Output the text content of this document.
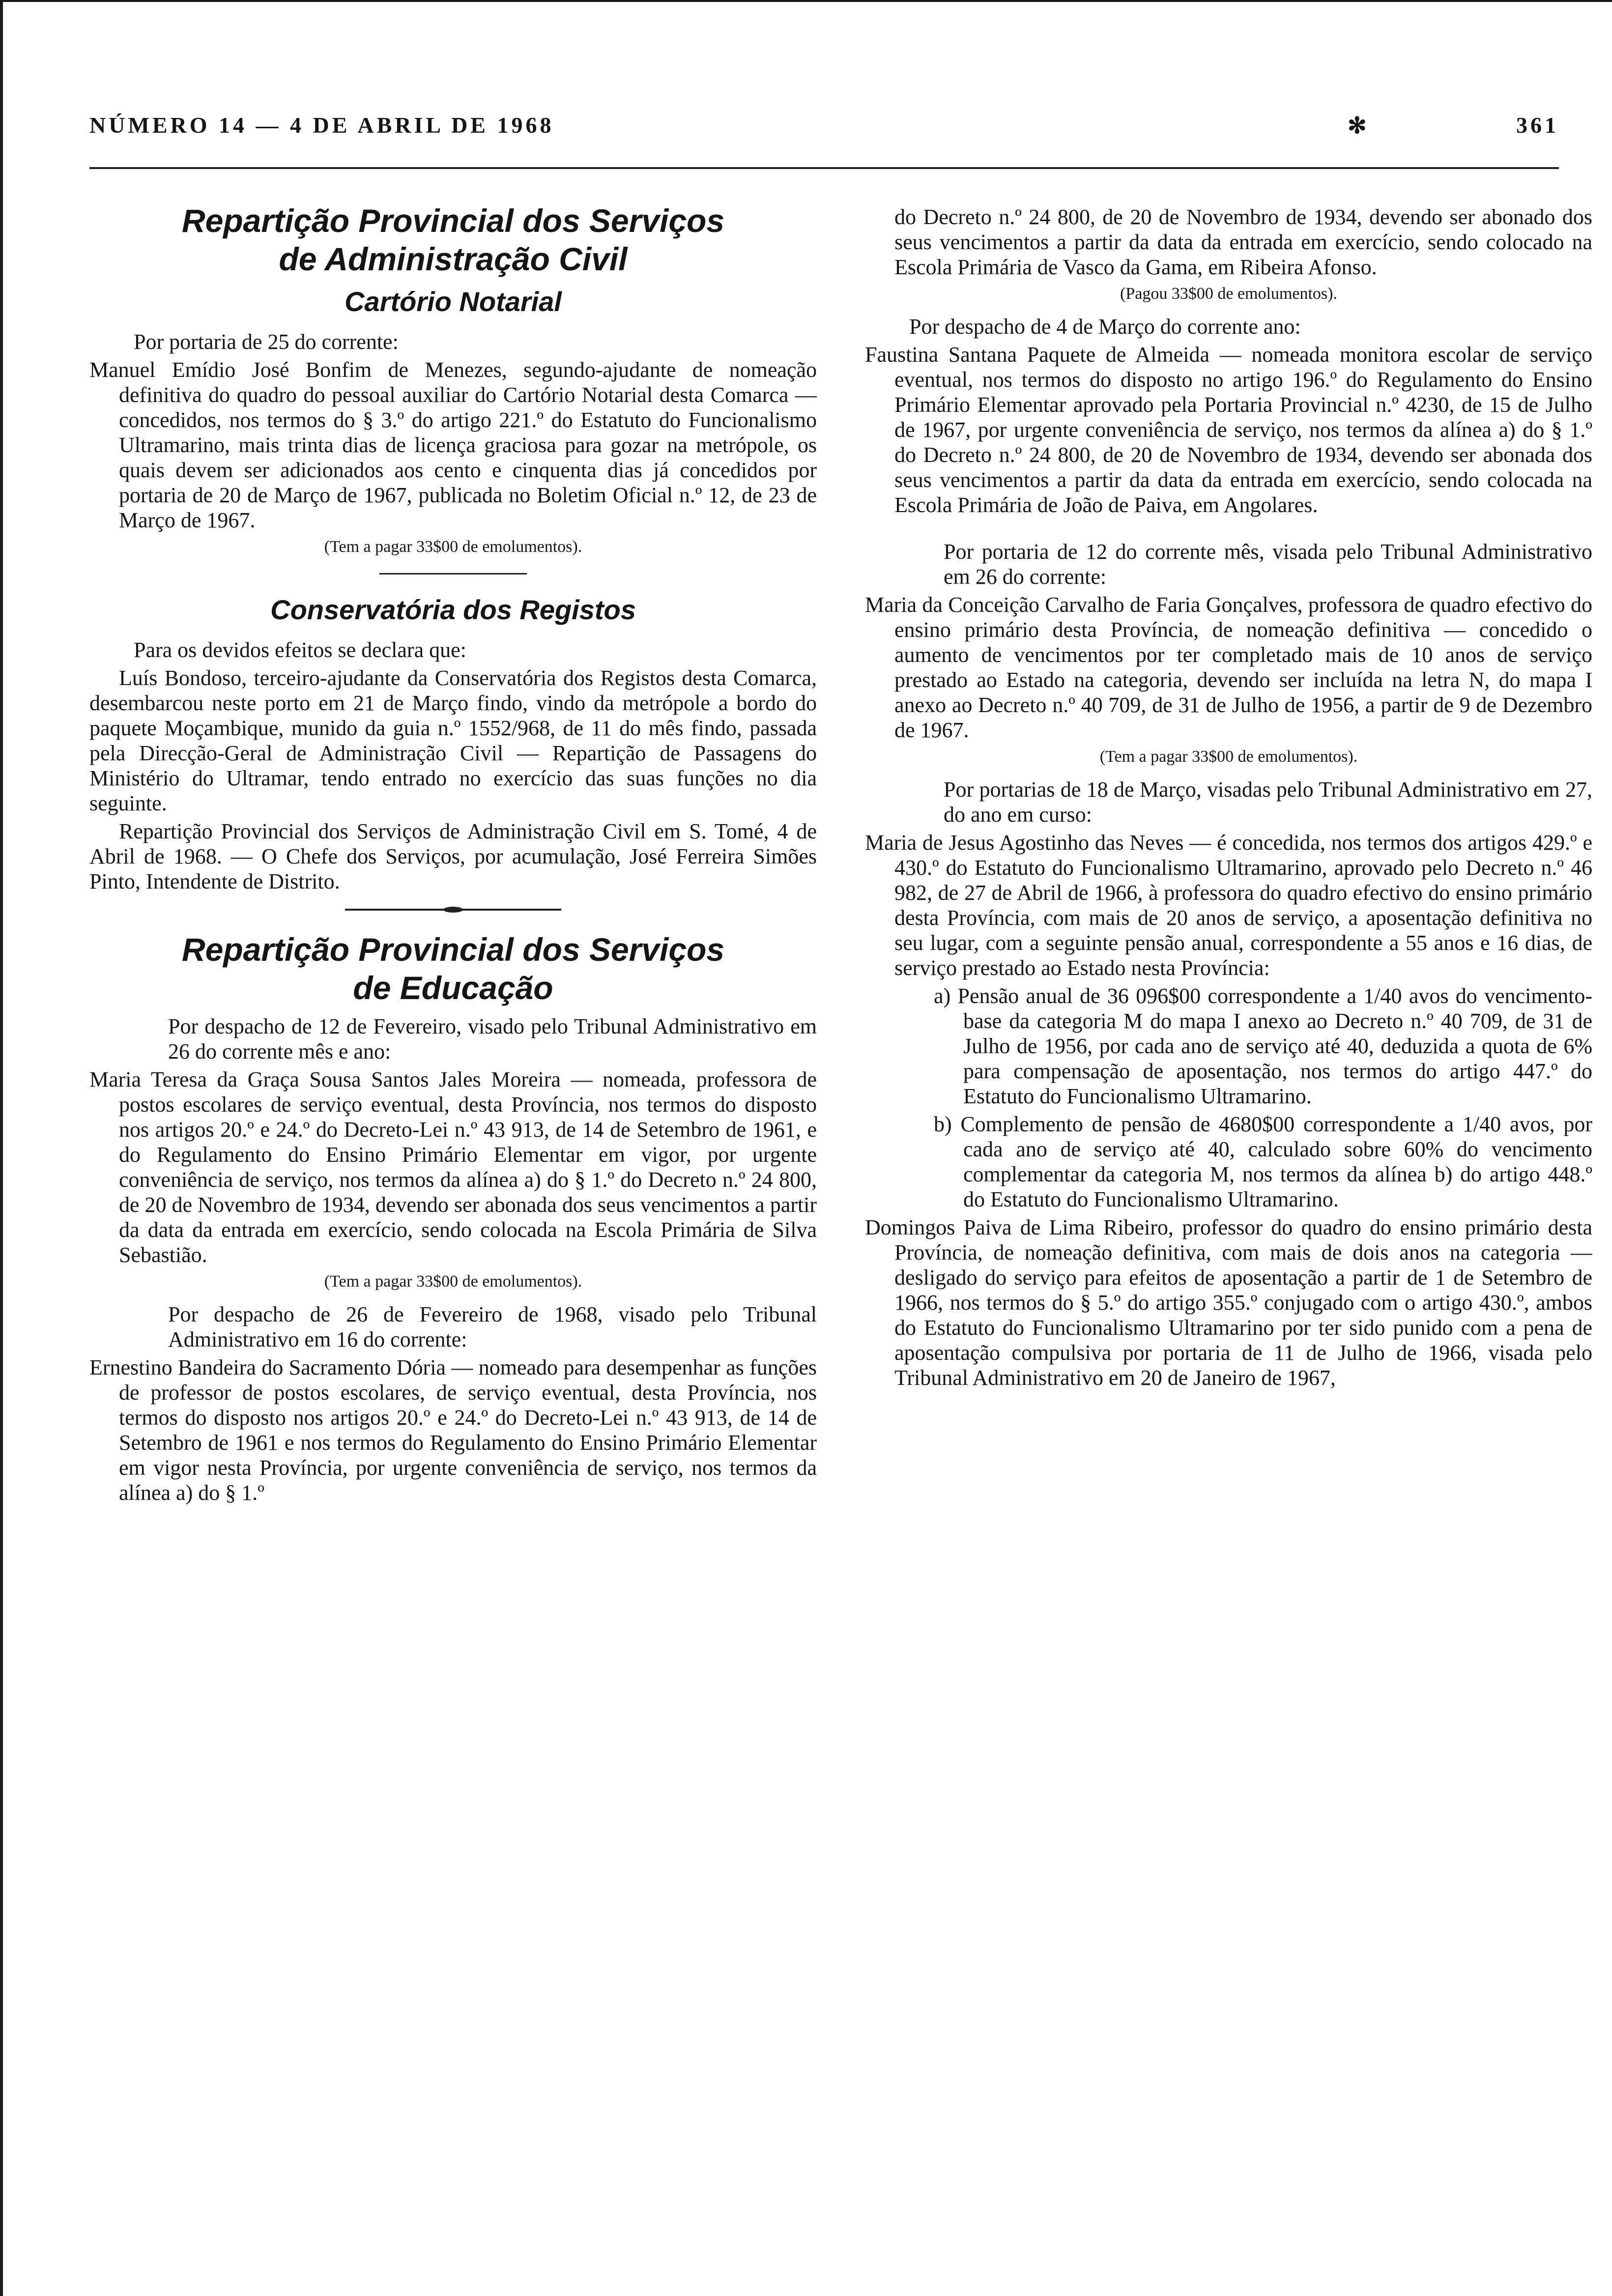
NÚMERO 14 — 4 DE ABRIL DE 1968	✻	361
Repartição Provincial dos Serviços
de Administração Civil
Cartório Notarial

Por portaria de 25 do corrente:

Manuel Emídio José Bonfim de Menezes, segundo-ajudante de nomeação definitiva do quadro do pessoal auxiliar do Cartório Notarial desta Comarca — concedidos, nos termos do § 3.º do artigo 221.º do Estatuto do Funcionalismo Ultramarino, mais trinta dias de licença graciosa para gozar na metrópole, os quais devem ser adicionados aos cento e cinquenta dias já concedidos por portaria de 20 de Março de 1967, publicada no Boletim Oficial n.º 12, de 23 de Março de 1967.

(Tem a pagar 33$00 de emolumentos).

Conservatória dos Registos

Para os devidos efeitos se declara que:

Luís Bondoso, terceiro-ajudante da Conservatória dos Registos desta Comarca, desembarcou neste porto em 21 de Março findo, vindo da metrópole a bordo do paquete Moçambique, munido da guia n.º 1552/968, de 11 do mês findo, passada pela Direcção-Geral de Administração Civil — Repartição de Passagens do Ministério do Ultramar, tendo entrado no exercício das suas funções no dia seguinte.

Repartição Provincial dos Serviços de Administração Civil em S. Tomé, 4 de Abril de 1968. — O Chefe dos Serviços, por acumulação, José Ferreira Simões Pinto, Intendente de Distrito.

Repartição Provincial dos Serviços
de Educação

Por despacho de 12 de Fevereiro, visado pelo Tribunal Administrativo em 26 do corrente mês e ano:

Maria Teresa da Graça Sousa Santos Jales Moreira — nomeada, professora de postos escolares de serviço eventual, desta Província, nos termos do disposto nos artigos 20.º e 24.º do Decreto-Lei n.º 43 913, de 14 de Setembro de 1961, e do Regulamento do Ensino Primário Elementar em vigor, por urgente conveniência de serviço, nos termos da alínea a) do § 1.º do Decreto n.º 24 800, de 20 de Novembro de 1934, devendo ser abonada dos seus vencimentos a partir da data da entrada em exercício, sendo colocada na Escola Primária de Silva Sebastião.

(Tem a pagar 33$00 de emolumentos).

Por despacho de 26 de Fevereiro de 1968, visado pelo Tribunal Administrativo em 16 do corrente:

Ernestino Bandeira do Sacramento Dória — nomeado para desempenhar as funções de professor de postos escolares, de serviço eventual, desta Província, nos termos do disposto nos artigos 20.º e 24.º do Decreto-Lei n.º 43 913, de 14 de Setembro de 1961 e nos termos do Regulamento do Ensino Primário Elementar em vigor nesta Província, por urgente conveniência de serviço, nos termos da alínea a) do § 1.º

do Decreto n.º 24 800, de 20 de Novembro de 1934, devendo ser abonado dos seus vencimentos a partir da data da entrada em exercício, sendo colocado na Escola Primária de Vasco da Gama, em Ribeira Afonso.

(Pagou 33$00 de emolumentos).

Por despacho de 4 de Março do corrente ano:

Faustina Santana Paquete de Almeida — nomeada monitora escolar de serviço eventual, nos termos do disposto no artigo 196.º do Regulamento do Ensino Primário Elementar aprovado pela Portaria Provincial n.º 4230, de 15 de Julho de 1967, por urgente conveniência de serviço, nos termos da alínea a) do § 1.º do Decreto n.º 24 800, de 20 de Novembro de 1934, devendo ser abonada dos seus vencimentos a partir da data da entrada em exercício, sendo colocada na Escola Primária de João de Paiva, em Angolares.

Por portaria de 12 do corrente mês, visada pelo Tribunal Administrativo em 26 do corrente:

Maria da Conceição Carvalho de Faria Gonçalves, professora de quadro efectivo do ensino primário desta Província, de nomeação definitiva — concedido o aumento de vencimentos por ter completado mais de 10 anos de serviço prestado ao Estado na categoria, devendo ser incluída na letra N, do mapa I anexo ao Decreto n.º 40 709, de 31 de Julho de 1956, a partir de 9 de Dezembro de 1967.

(Tem a pagar 33$00 de emolumentos).

Por portarias de 18 de Março, visadas pelo Tribunal Administrativo em 27, do ano em curso:

Maria de Jesus Agostinho das Neves — é concedida, nos termos dos artigos 429.º e 430.º do Estatuto do Funcionalismo Ultramarino, aprovado pelo Decreto n.º 46 982, de 27 de Abril de 1966, à professora do quadro efectivo do ensino primário desta Província, com mais de 20 anos de serviço, a aposentação definitiva no seu lugar, com a seguinte pensão anual, correspondente a 55 anos e 16 dias, de serviço prestado ao Estado nesta Província:

a) Pensão anual de 36 096$00 correspondente a 1/40 avos do vencimento-base da categoria M do mapa I anexo ao Decreto n.º 40 709, de 31 de Julho de 1956, por cada ano de serviço até 40, deduzida a quota de 6% para compensação de aposentação, nos termos do artigo 447.º do Estatuto do Funcionalismo Ultramarino.

b) Complemento de pensão de 4680$00 correspondente a 1/40 avos, por cada ano de serviço até 40, calculado sobre 60% do vencimento complementar da categoria M, nos termos da alínea b) do artigo 448.º do Estatuto do Funcionalismo Ultramarino.

Domingos Paiva de Lima Ribeiro, professor do quadro do ensino primário desta Província, de nomeação definitiva, com mais de dois anos na categoria — desligado do serviço para efeitos de aposentação a partir de 1 de Setembro de 1966, nos termos do § 5.º do artigo 355.º conjugado com o artigo 430.º, ambos do Estatuto do Funcionalismo Ultramarino por ter sido punido com a pena de aposentação compulsiva por portaria de 11 de Julho de 1966, visada pelo Tribunal Administrativo em 20 de Janeiro de 1967,
